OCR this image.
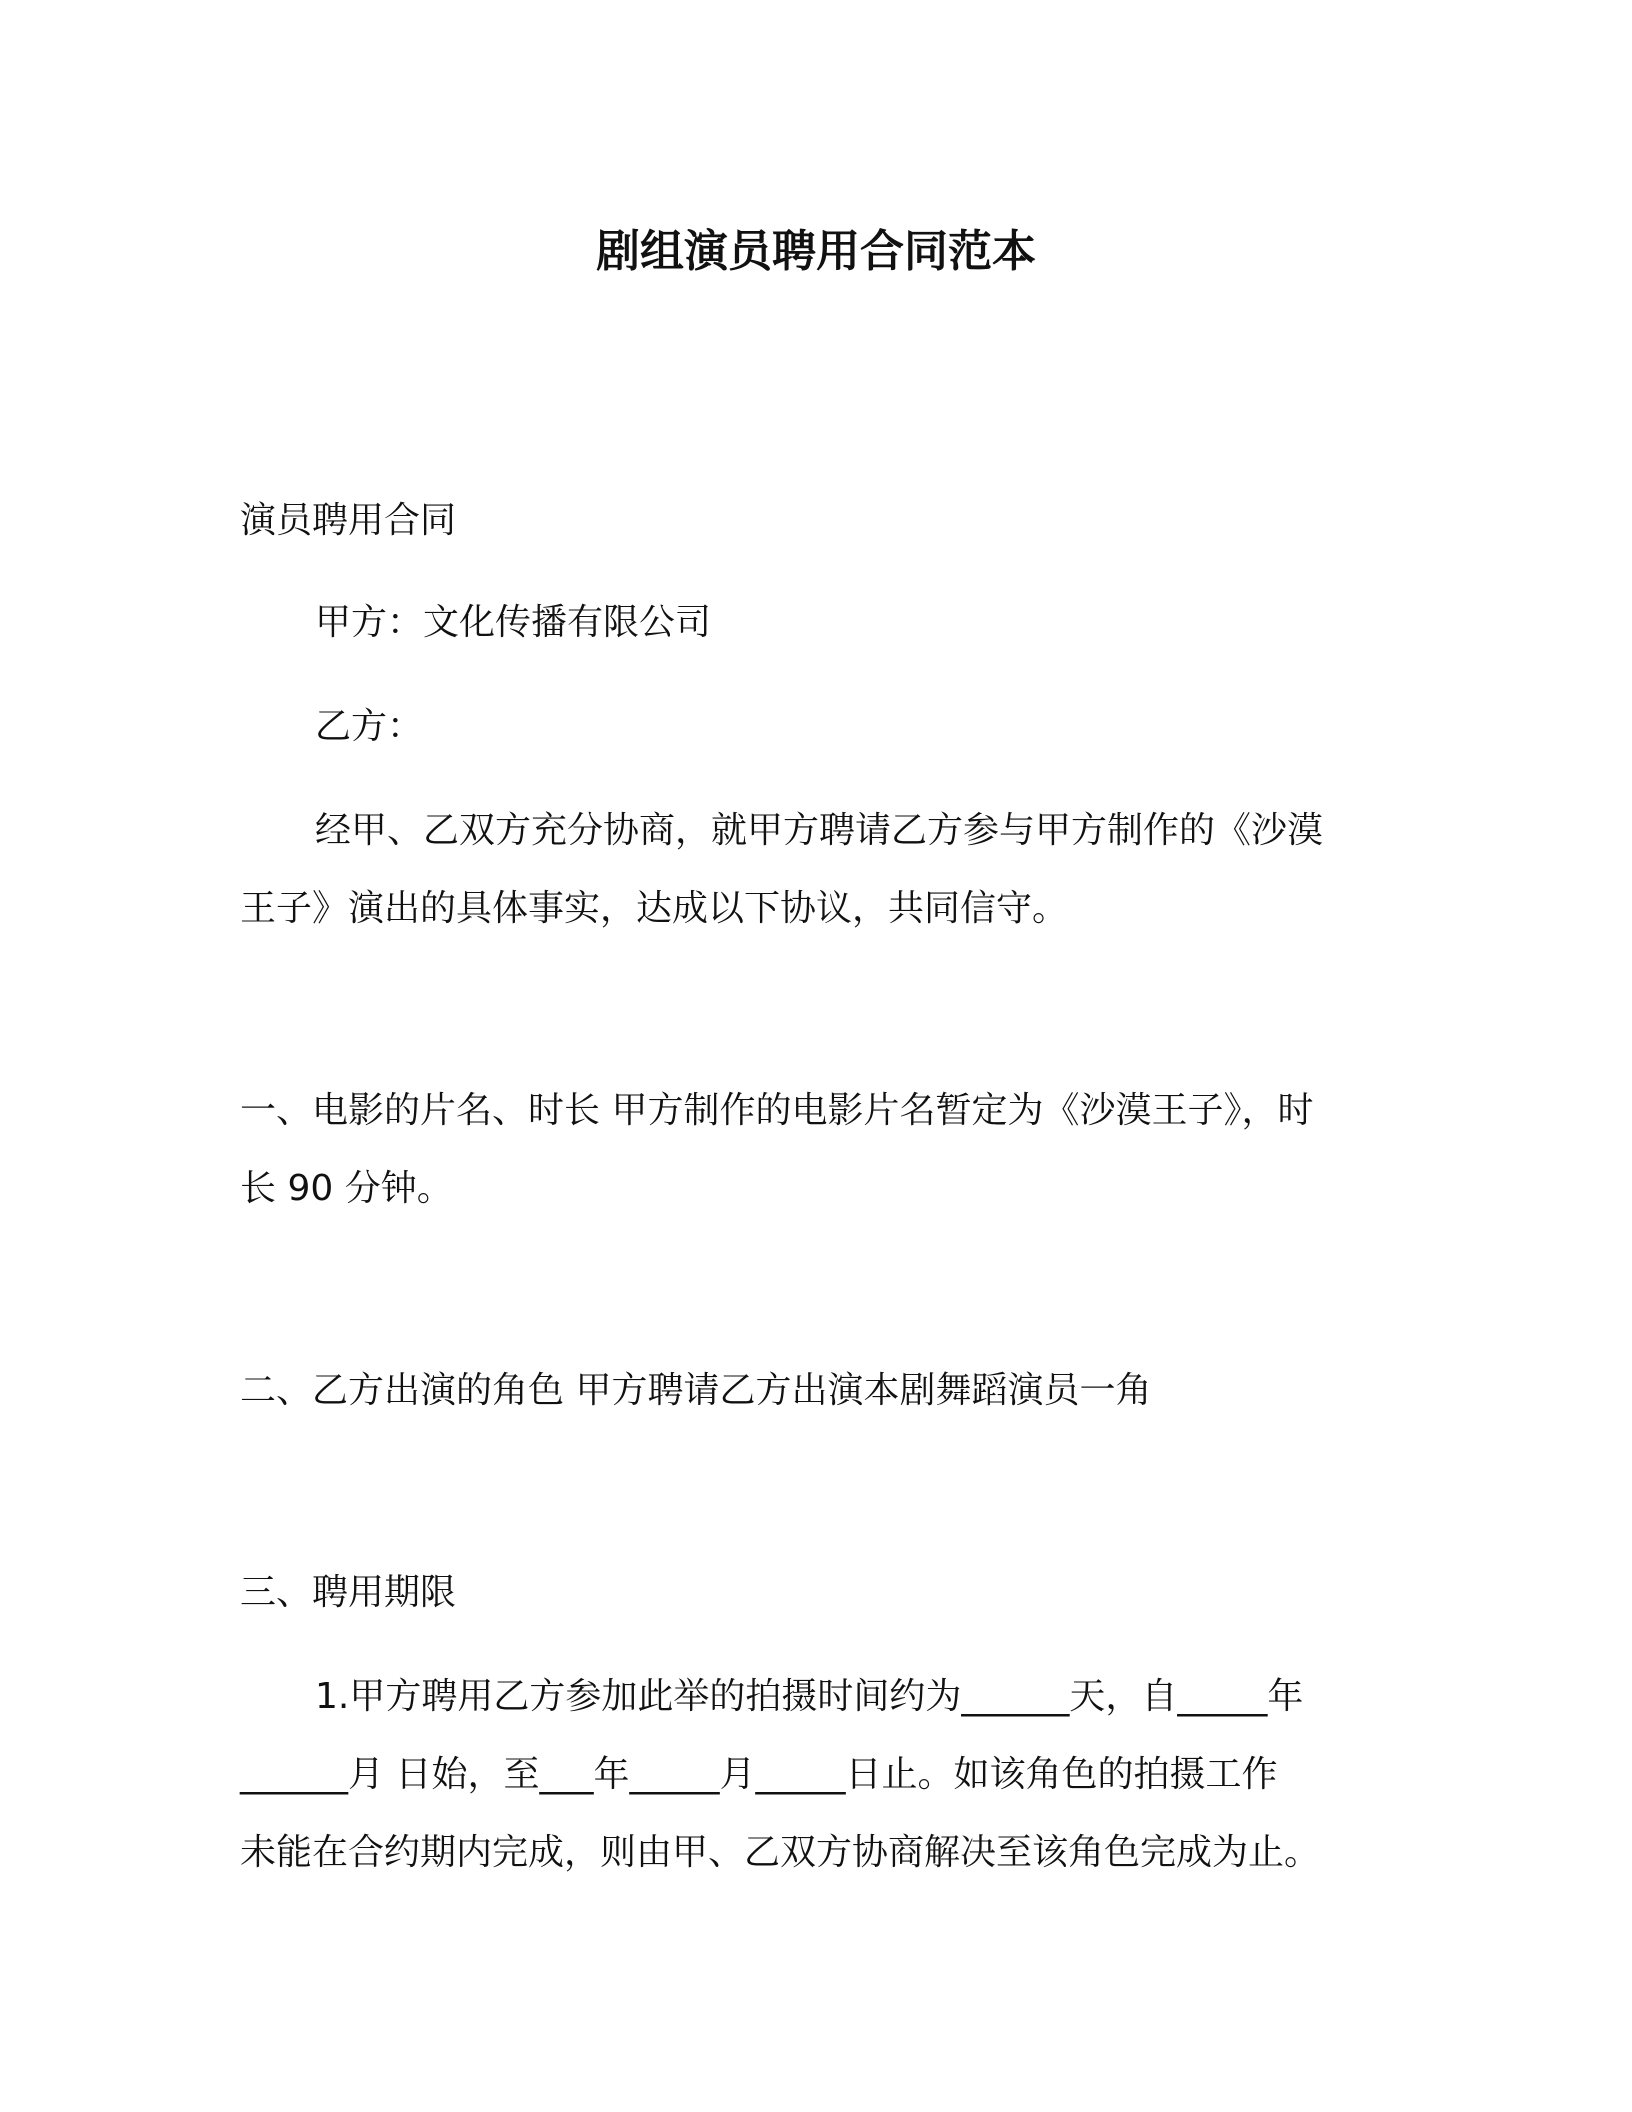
剧组演员聘用合同范本
演员聘用合同
甲方：文化传播有限公司
乙方：
经甲、乙双方充分协商，就甲方聘请乙方参与甲方制作的《沙漠
王子》演出的具体事实，达成以下协议，共同信守。
一、电影的片名、时长 甲方制作的电影片名暂定为《沙漠王子》，时
长 90 分钟。
二、乙方出演的角色 甲方聘请乙方出演本剧舞蹈演员一角
三、聘用期限
1.甲方聘用乙方参加此举的拍摄时间约为______天，自_____年
______月 日始，至___年_____月_____日止。如该角色的拍摄工作
未能在合约期内完成，则由甲、乙双方协商解决至该角色完成为止。
